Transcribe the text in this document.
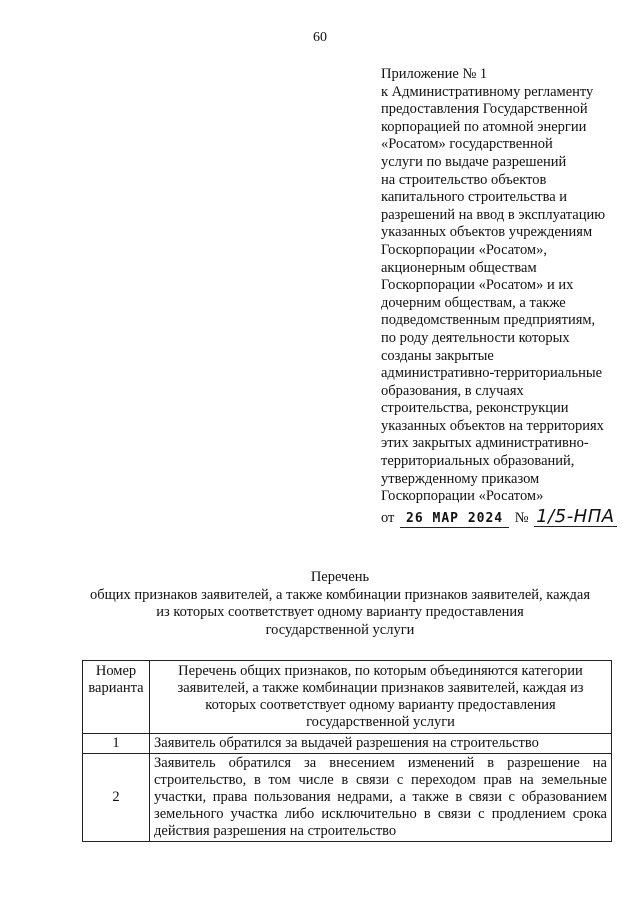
60
Приложение № 1
к Административному регламенту
предоставления Государственной
корпорацией по атомной энергии
«Росатом» государственной
услуги по выдаче разрешений
на строительство объектов
капитального строительства и
разрешений на ввод в эксплуатацию
указанных объектов учреждениям
Госкорпорации «Росатом»,
акционерным обществам
Госкорпорации «Росатом» и их
дочерним обществам, а также
подведомственным предприятиям,
по роду деятельности которых
созданы закрытые
административно-территориальные
образования, в случаях
строительства, реконструкции
указанных объектов на территориях
этих закрытых административно-
территориальных образований,
утвержденному приказом
Госкорпорации «Росатом»
от 26 МАР 2024 № 1/5-НПА
Перечень
общих признаков заявителей, а также комбинации признаков заявителей, каждая
из которых соответствует одному варианту предоставления
государственной услуги
Номер варианта	Перечень общих признаков, по которым объединяются категории заявителей, а также комбинации признаков заявителей, каждая из которых соответствует одному варианту предоставления государственной услуги
1	Заявитель обратился за выдачей разрешения на строительство
2	Заявитель обратился за внесением изменений в разрешение на строительство, в том числе в связи с переходом прав на земельные участки, права пользования недрами, а также в связи с образованием земельного участка либо исключительно в связи с продлением срока действия разрешения на строительство
